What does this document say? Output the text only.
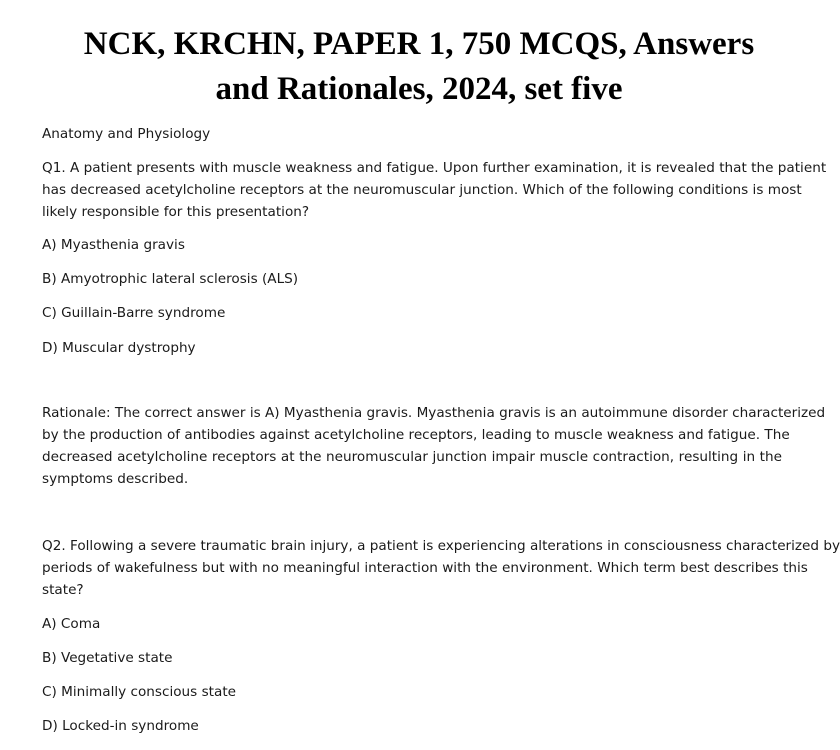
NCK, KRCHN, PAPER 1, 750 MCQS, Answers
and Rationales, 2024, set five

Anatomy and Physiology

Q1. A patient presents with muscle weakness and fatigue. Upon further examination, it is revealed that the patient
has decreased acetylcholine receptors at the neuromuscular junction. Which of the following conditions is most
likely responsible for this presentation?

A) Myasthenia gravis

B) Amyotrophic lateral sclerosis (ALS)

C) Guillain-Barre syndrome

D) Muscular dystrophy

Rationale: The correct answer is A) Myasthenia gravis. Myasthenia gravis is an autoimmune disorder characterized
by the production of antibodies against acetylcholine receptors, leading to muscle weakness and fatigue. The
decreased acetylcholine receptors at the neuromuscular junction impair muscle contraction, resulting in the
symptoms described.
Q2. Following a severe traumatic brain injury, a patient is experiencing alterations in consciousness characterized by
periods of wakefulness but with no meaningful interaction with the environment. Which term best describes this
state?

A) Coma

B) Vegetative state

C) Minimally conscious state

D) Locked-in syndrome
